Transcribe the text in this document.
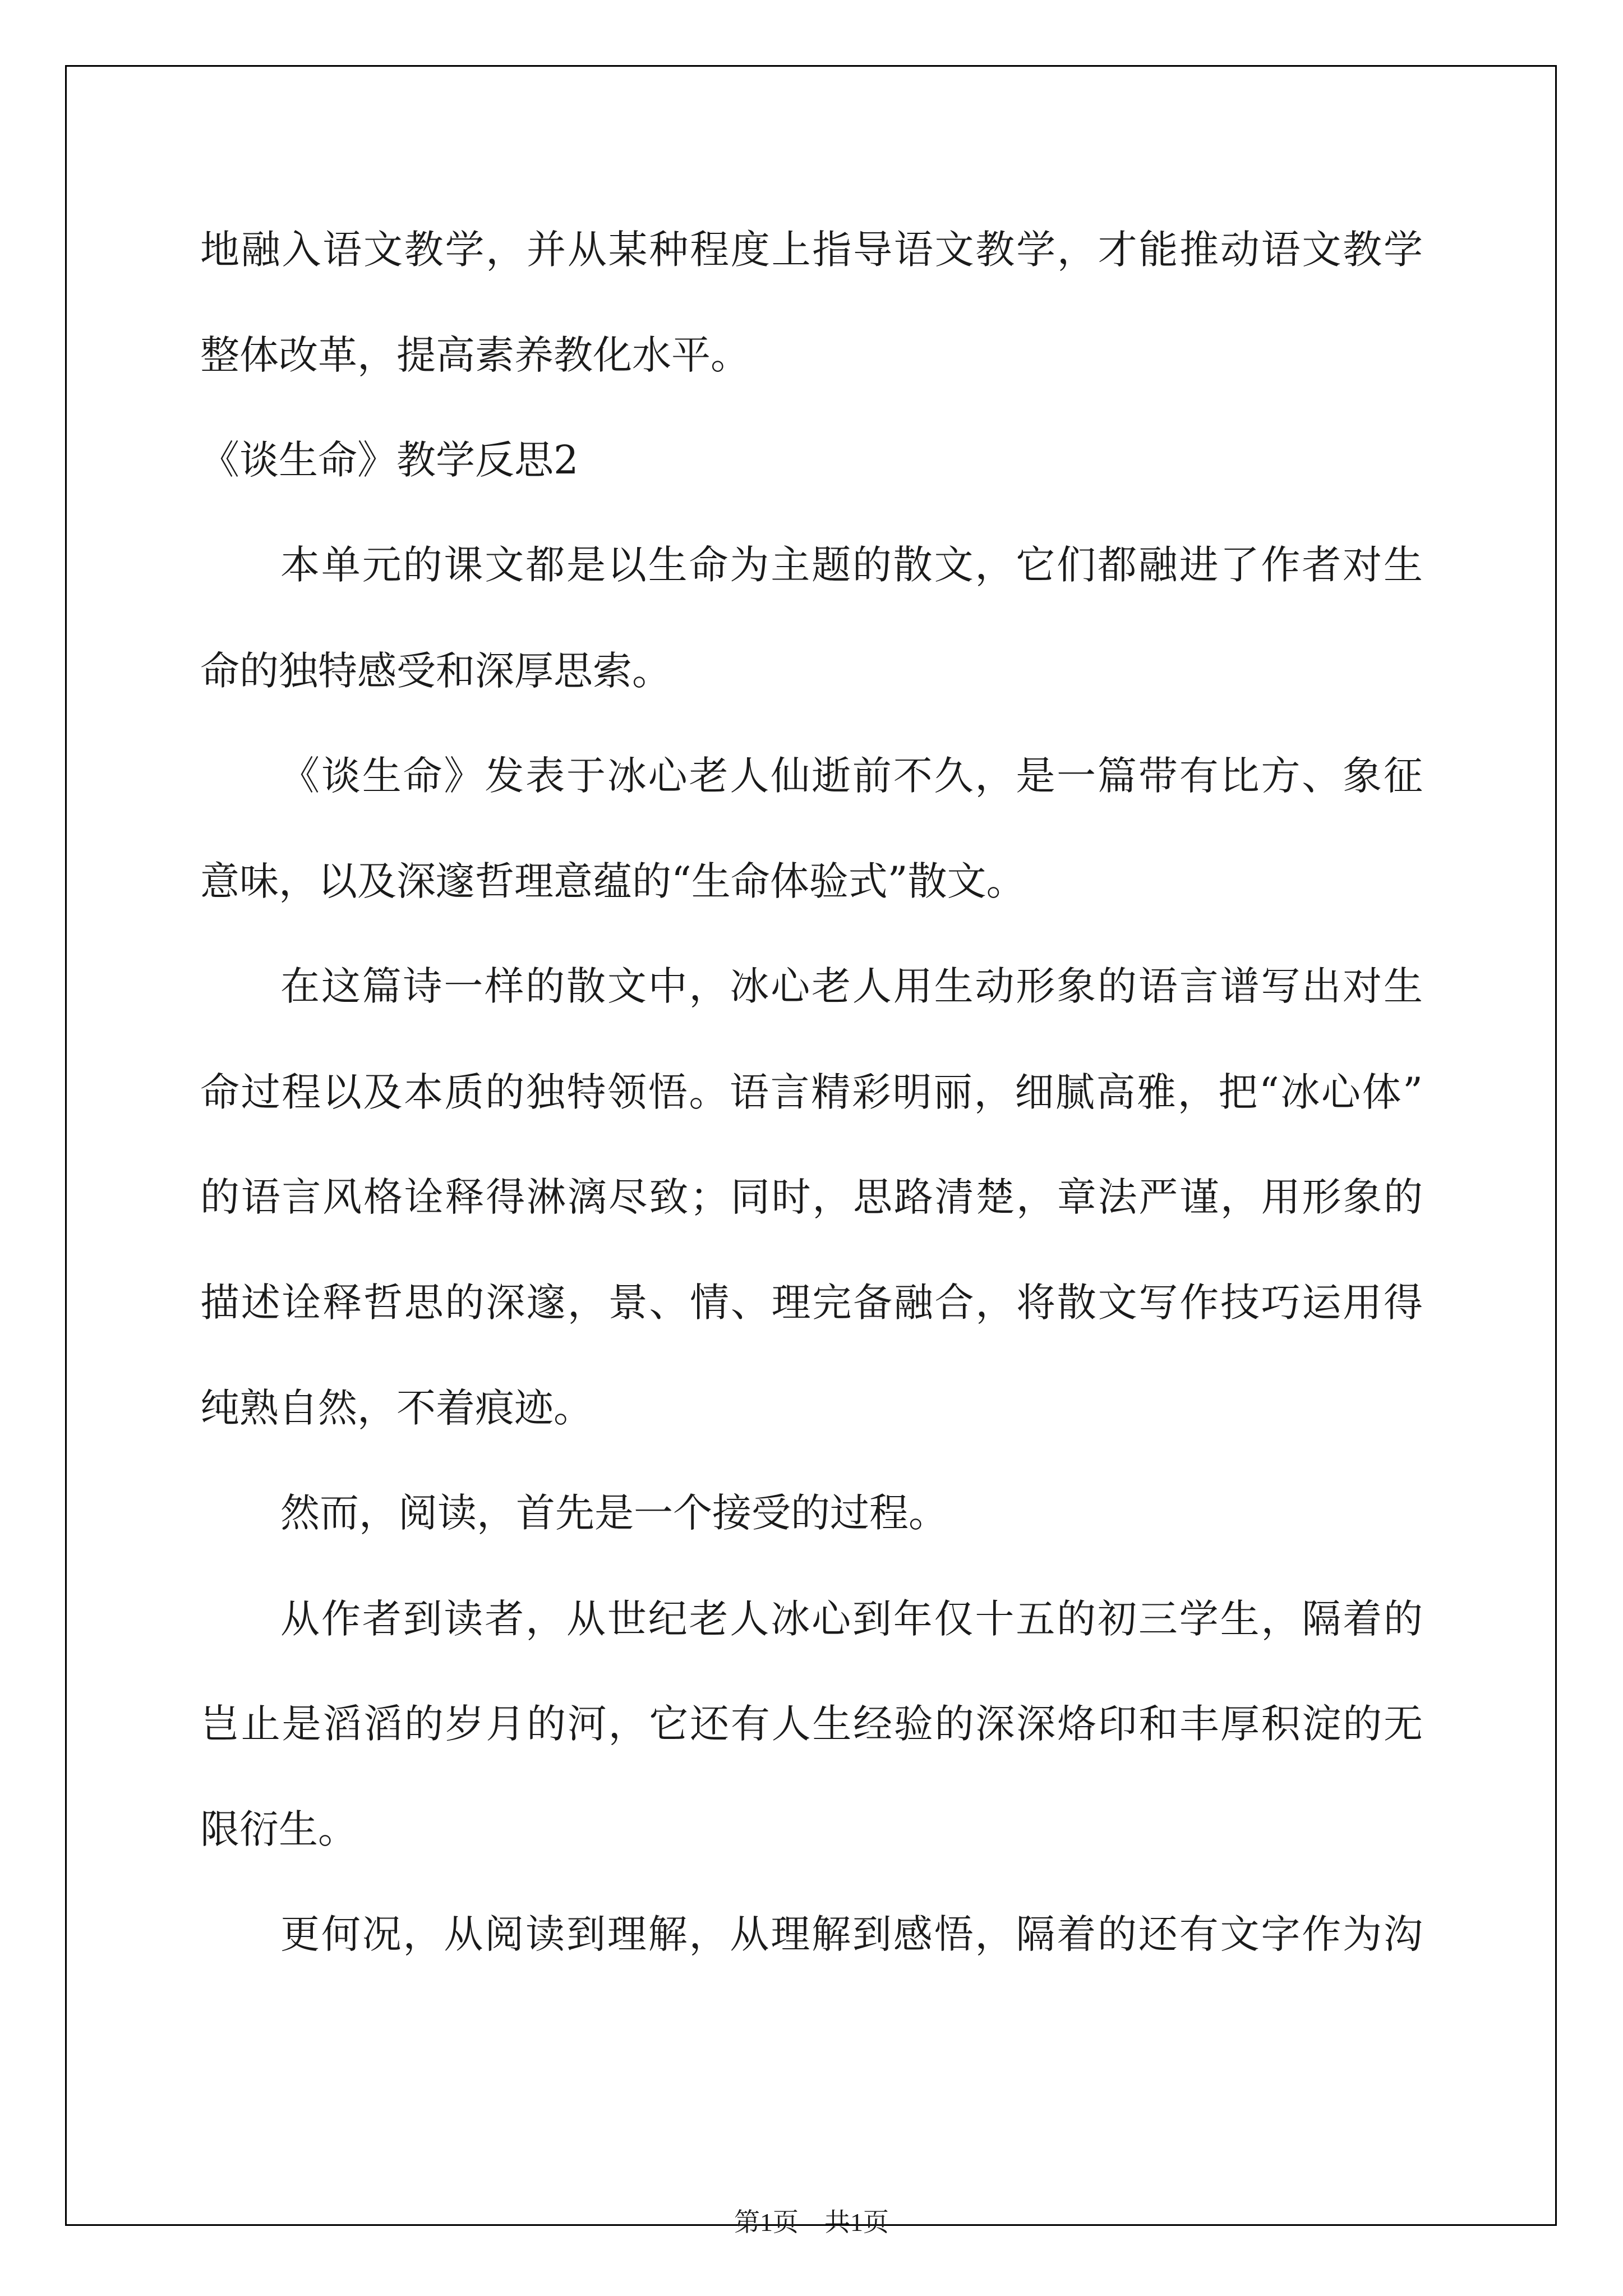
地融入语文教学，并从某种程度上指导语文教学，才能推动语文教学

整体改革，提高素养教化水平。

《谈生命》教学反思2

本单元的课文都是以生命为主题的散文，它们都融进了作者对生

命的独特感受和深厚思索。

《谈生命》发表于冰心老人仙逝前不久，是一篇带有比方、象征

意味，以及深邃哲理意蕴的“生命体验式”散文。

在这篇诗一样的散文中，冰心老人用生动形象的语言谱写出对生

命过程以及本质的独特领悟。语言精彩明丽，细腻高雅，把“冰心体”

的语言风格诠释得淋漓尽致；同时，思路清楚，章法严谨，用形象的

描述诠释哲思的深邃，景、情、理完备融合，将散文写作技巧运用得

纯熟自然，不着痕迹。

然而，阅读，首先是一个接受的过程。

从作者到读者，从世纪老人冰心到年仅十五的初三学生，隔着的

岂止是滔滔的岁月的河，它还有人生经验的深深烙印和丰厚积淀的无

限衍生。

更何况，从阅读到理解，从理解到感悟，隔着的还有文字作为沟

第1页　共1页
